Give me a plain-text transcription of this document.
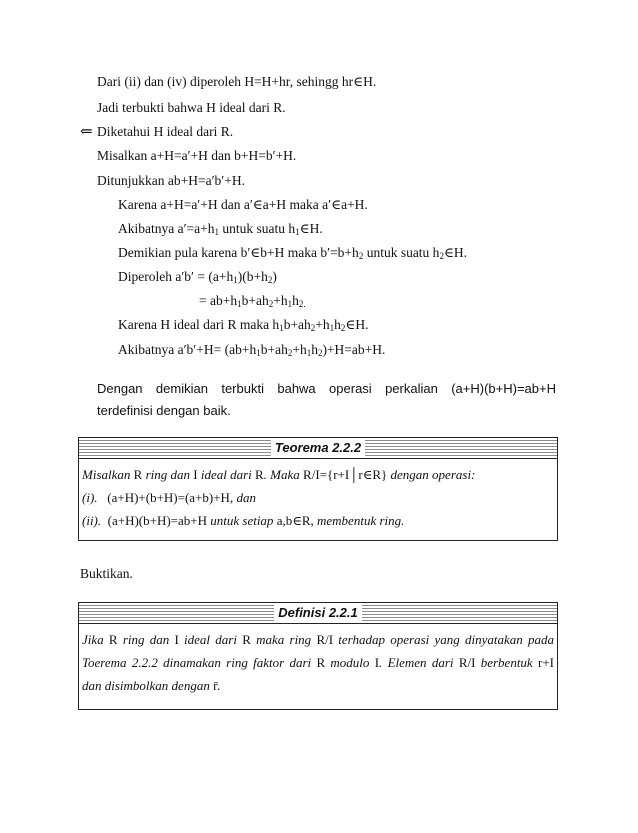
Dari (ii) dan (iv) diperoleh H=H+hr, sehingg hr∈H.
Jadi terbukti bahwa H ideal dari R.
⇐ Diketahui H ideal dari R.
Misalkan a+H=a′+H dan b+H=b′+H.
Ditunjukkan ab+H=a′b′+H.
Karena a+H=a′+H dan a′∈a+H maka a′∈a+H.
Akibatnya $a'=a+h_1$ untuk suatu $h_1\in H$.
Demikian pula karena b′∈b+H maka $b'=b+h_2$ untuk suatu $h_2\in H$.
Diperoleh $a'b' = (a+h_1)(b+h_2)$
= $ab+h_1b+ah_2+h_1h_{2.}$
Karena H ideal dari R maka $h_1b+ah_2+h_1h_2\in H$.
Akibatnya $a'b'+H= (ab+h_1b+ah_2+h_1h_2)+H=ab+H$.
Dengan demikian terbukti bahwa operasi perkalian (a+H)(b+H)=ab+H terdefinisi dengan baik.
Teorema 2.2.2
Misalkan R ring dan I ideal dari R. Maka R/I={r+I│r∈R} dengan operasi:
(i). (a+H)+(b+H)=(a+b)+H, dan
(ii). (a+H)(b+H)=ab+H untuk setiap a,b∈R, membentuk ring.
Buktikan.
Definisi 2.2.1
Jika R ring dan I ideal dari R maka ring R/I terhadap operasi yang dinyatakan pada
Toerema 2.2.2 dinamakan ring faktor dari R modulo I. Elemen dari R/I berbentuk r+I
dan disimbolkan dengan r̄.
